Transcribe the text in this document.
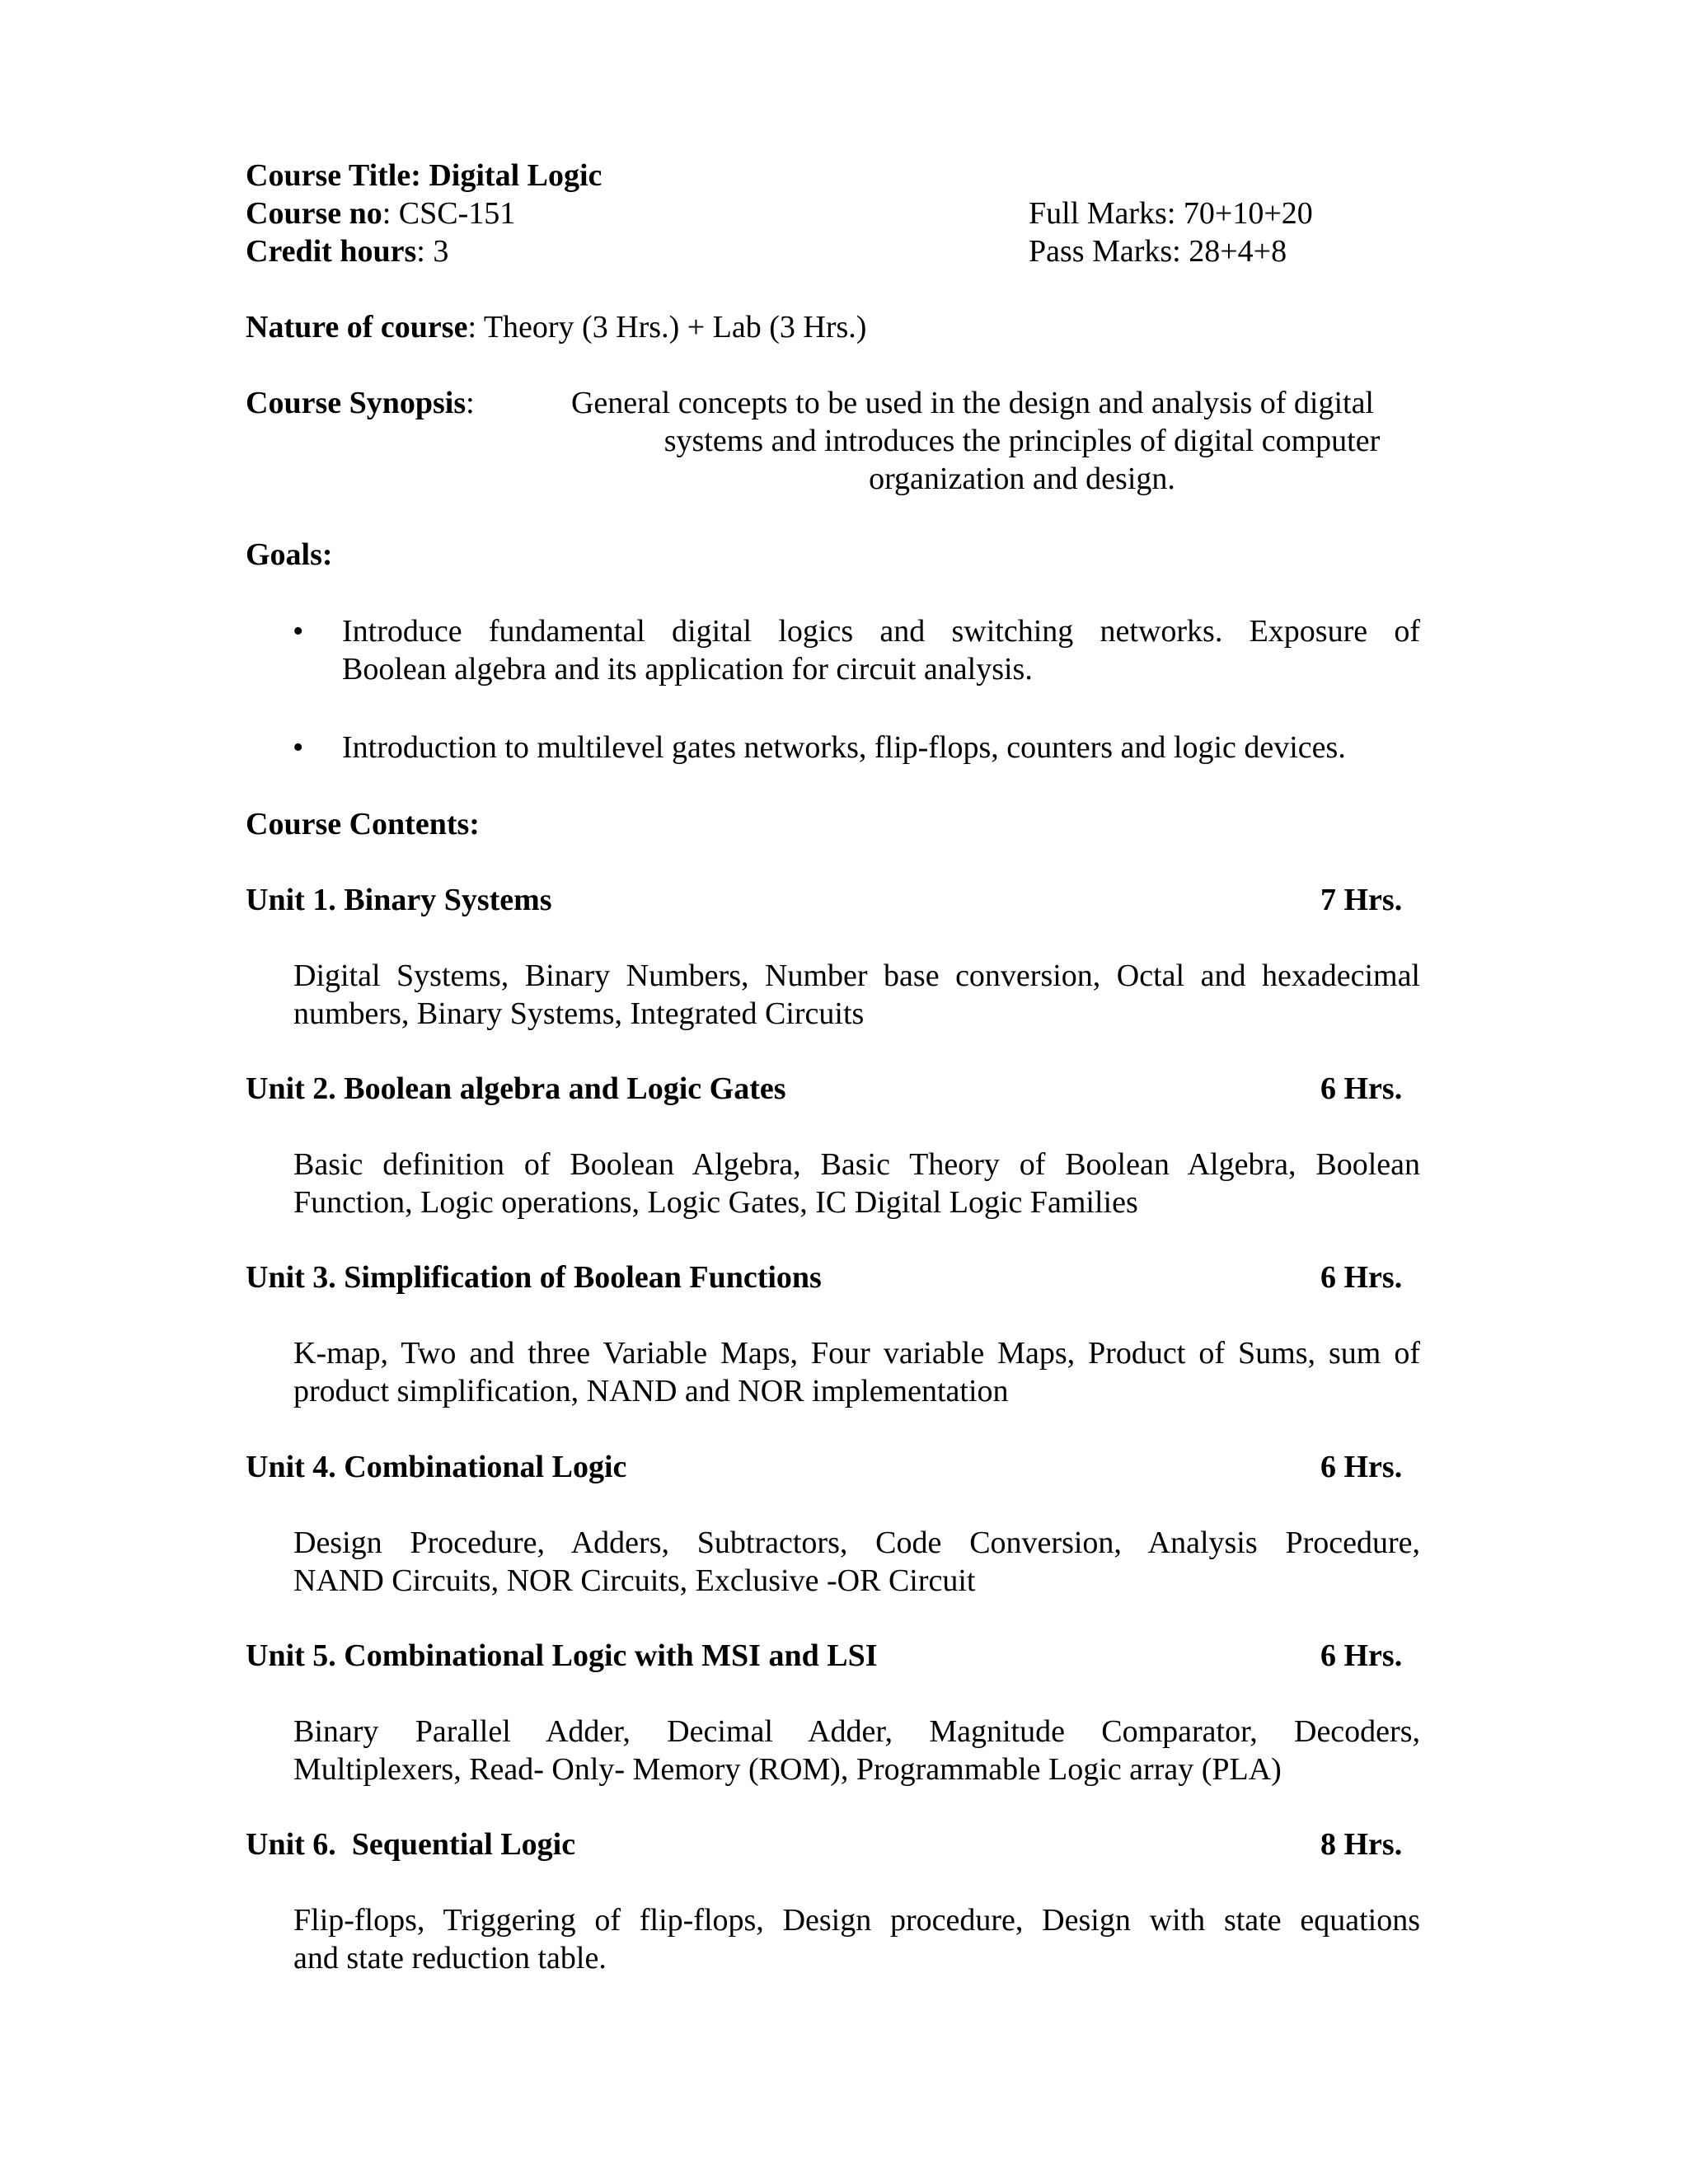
Course Title: Digital Logic
Course no: CSC-151	Full Marks: 70+10+20
Credit hours: 3	Pass Marks: 28+4+8
Nature of course: Theory (3 Hrs.) + Lab (3 Hrs.)
Course Synopsis:	General concepts to be used in the design and analysis of digital
systems and introduces the principles of digital computer
organization and design.
Goals:
• Introduce fundamental digital logics and switching networks. Exposure of
Boolean algebra and its application for circuit analysis.
• Introduction to multilevel gates networks, flip-flops, counters and logic devices.
Course Contents:
Unit 1. Binary Systems	7 Hrs.
Digital Systems, Binary Numbers, Number base conversion, Octal and hexadecimal
numbers, Binary Systems, Integrated Circuits
Unit 2. Boolean algebra and Logic Gates	6 Hrs.
Basic definition of Boolean Algebra, Basic Theory of Boolean Algebra, Boolean
Function, Logic operations, Logic Gates, IC Digital Logic Families
Unit 3. Simplification of Boolean Functions	6 Hrs.
K-map, Two and three Variable Maps, Four variable Maps, Product of Sums, sum of
product simplification, NAND and NOR implementation
Unit 4. Combinational Logic	6 Hrs.
Design Procedure, Adders, Subtractors, Code Conversion, Analysis Procedure,
NAND Circuits, NOR Circuits, Exclusive -OR Circuit
Unit 5. Combinational Logic with MSI and LSI	6 Hrs.
Binary Parallel Adder, Decimal Adder, Magnitude Comparator, Decoders,
Multiplexers, Read- Only- Memory (ROM), Programmable Logic array (PLA)
Unit 6.  Sequential Logic	8 Hrs.
Flip-flops, Triggering of flip-flops, Design procedure, Design with state equations
and state reduction table.
